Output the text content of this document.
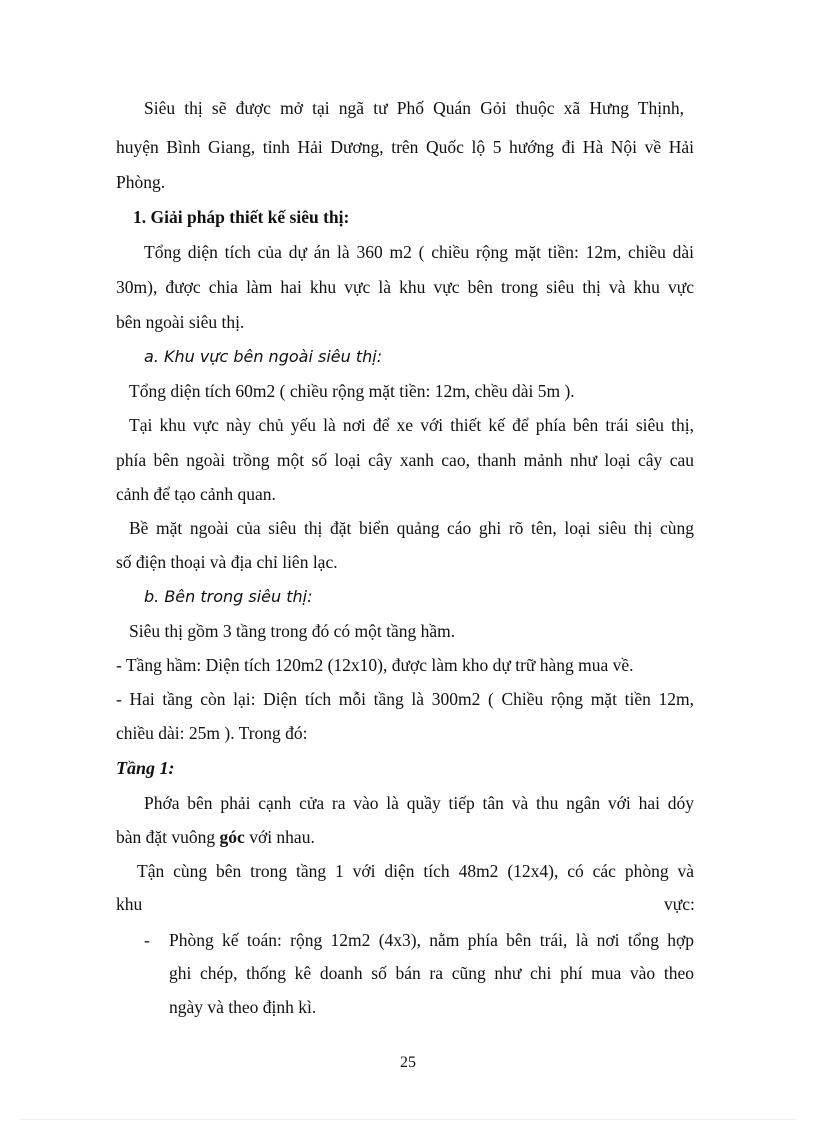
Siêu thị sẽ được mở tại ngã tư Phố Quán Gỏi thuộc xã Hưng Thịnh,
huyện Bình Giang, tỉnh Hải Dương, trên Quốc lộ 5 hướng đi Hà Nội về Hải
Phòng.
1. Giải pháp thiết kế siêu thị:
Tổng diện tích của dự án là 360 m2 ( chiều rộng mặt tiền: 12m, chiều dài
30m), được chia làm hai khu vực là khu vực bên trong siêu thị và khu vực
bên ngoài siêu thị.
a. Khu vực bên ngoài siêu thị:
Tổng diện tích 60m2 ( chiều rộng mặt tiền: 12m, chều dài 5m ).
Tại khu vực này chủ yếu là nơi để xe với thiết kế để phía bên trái siêu thị,
phía bên ngoài trồng một số loại cây xanh cao, thanh mảnh như loại cây cau
cảnh để tạo cảnh quan.
Bề mặt ngoài của siêu thị đặt biển quảng cáo ghi rõ tên, loại siêu thị cùng
số điện thoại và địa chỉ liên lạc.
b. Bên trong siêu thị:
Siêu thị gồm 3 tầng trong đó có một tầng hầm.
- Tầng hầm: Diện tích 120m2 (12x10), được làm kho dự trữ hàng mua về.
- Hai tầng còn lại: Diện tích mỗi tầng là 300m2 ( Chiều rộng mặt tiền 12m,
chiều dài: 25m ). Trong đó:
Tầng 1:
Phớa bên phải cạnh cửa ra vào là quầy tiếp tân và thu ngân với hai dóy
bàn đặt vuông góc với nhau.
Tận cùng bên trong tầng 1 với diện tích 48m2 (12x4), có các phòng và
khu	vực:
- Phòng kế toán: rộng 12m2 (4x3), nằm phía bên trái, là nơi tổng hợp
ghi chép, thống kê doanh số bán ra cũng như chi phí mua vào theo
ngày và theo định kì.
25
